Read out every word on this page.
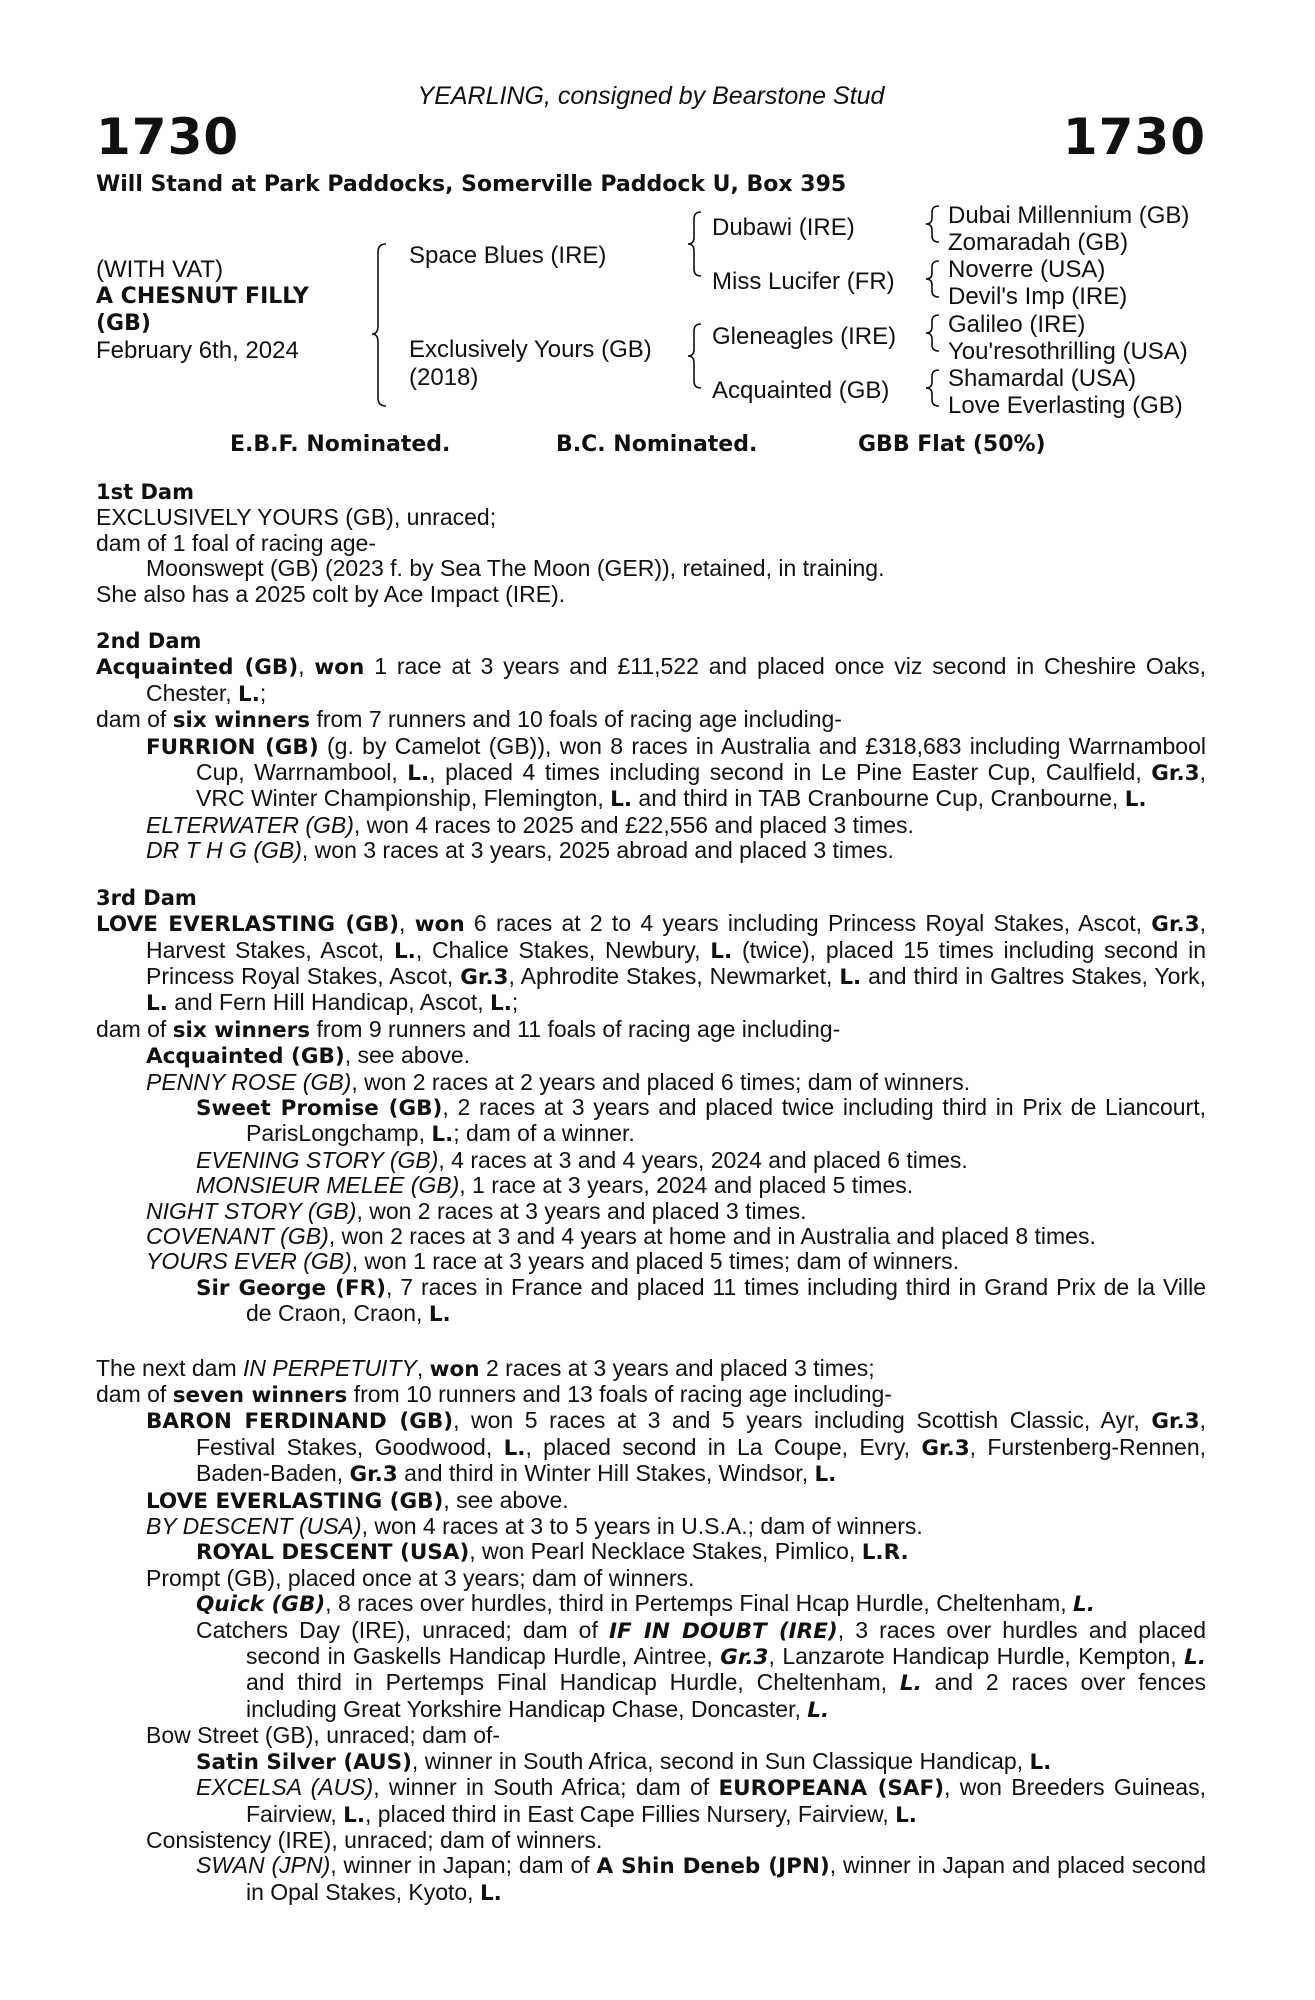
YEARLING, consigned by Bearstone Stud
1730	1730
Will Stand at Park Paddocks, Somerville Paddock U, Box 395
(WITH VAT)
A CHESNUT FILLY
(GB)
February 6th, 2024
Space Blues (IRE)
Exclusively Yours (GB)
(2018)
Dubawi (IRE)
Miss Lucifer (FR)
Gleneagles (IRE)
Acquainted (GB)
Dubai Millennium (GB)
Zomaradah (GB)
Noverre (USA)
Devil's Imp (IRE)
Galileo (IRE)
You'resothrilling (USA)
Shamardal (USA)
Love Everlasting (GB)
E.B.F. Nominated.	B.C. Nominated.	GBB Flat (50%)
1st Dam
EXCLUSIVELY YOURS (GB), unraced;
dam of 1 foal of racing age-
Moonswept (GB) (2023 f. by Sea The Moon (GER)), retained, in training.
She also has a 2025 colt by Ace Impact (IRE).
2nd Dam
Acquainted (GB), won 1 race at 3 years and £11,522 and placed once viz second in Cheshire Oaks, Chester, L.;
dam of six winners from 7 runners and 10 foals of racing age including-
FURRION (GB) (g. by Camelot (GB)), won 8 races in Australia and £318,683 including Warrnambool Cup, Warrnambool, L., placed 4 times including second in Le Pine Easter Cup, Caulfield, Gr.3, VRC Winter Championship, Flemington, L. and third in TAB Cranbourne Cup, Cranbourne, L.
ELTERWATER (GB), won 4 races to 2025 and £22,556 and placed 3 times.
DR T H G (GB), won 3 races at 3 years, 2025 abroad and placed 3 times.
3rd Dam
LOVE EVERLASTING (GB), won 6 races at 2 to 4 years including Princess Royal Stakes, Ascot, Gr.3, Harvest Stakes, Ascot, L., Chalice Stakes, Newbury, L. (twice), placed 15 times including second in Princess Royal Stakes, Ascot, Gr.3, Aphrodite Stakes, Newmarket, L. and third in Galtres Stakes, York, L. and Fern Hill Handicap, Ascot, L.;
dam of six winners from 9 runners and 11 foals of racing age including-
Acquainted (GB), see above.
PENNY ROSE (GB), won 2 races at 2 years and placed 6 times; dam of winners.
Sweet Promise (GB), 2 races at 3 years and placed twice including third in Prix de Liancourt, ParisLongchamp, L.; dam of a winner.
EVENING STORY (GB), 4 races at 3 and 4 years, 2024 and placed 6 times.
MONSIEUR MELEE (GB), 1 race at 3 years, 2024 and placed 5 times.
NIGHT STORY (GB), won 2 races at 3 years and placed 3 times.
COVENANT (GB), won 2 races at 3 and 4 years at home and in Australia and placed 8 times.
YOURS EVER (GB), won 1 race at 3 years and placed 5 times; dam of winners.
Sir George (FR), 7 races in France and placed 11 times including third in Grand Prix de la Ville de Craon, Craon, L.
The next dam IN PERPETUITY, won 2 races at 3 years and placed 3 times;
dam of seven winners from 10 runners and 13 foals of racing age including-
BARON FERDINAND (GB), won 5 races at 3 and 5 years including Scottish Classic, Ayr, Gr.3, Festival Stakes, Goodwood, L., placed second in La Coupe, Evry, Gr.3, Furstenberg-Rennen, Baden-Baden, Gr.3 and third in Winter Hill Stakes, Windsor, L.
LOVE EVERLASTING (GB), see above.
BY DESCENT (USA), won 4 races at 3 to 5 years in U.S.A.; dam of winners.
ROYAL DESCENT (USA), won Pearl Necklace Stakes, Pimlico, L.R.
Prompt (GB), placed once at 3 years; dam of winners.
Quick (GB), 8 races over hurdles, third in Pertemps Final Hcap Hurdle, Cheltenham, L.
Catchers Day (IRE), unraced; dam of IF IN DOUBT (IRE), 3 races over hurdles and placed second in Gaskells Handicap Hurdle, Aintree, Gr.3, Lanzarote Handicap Hurdle, Kempton, L. and third in Pertemps Final Handicap Hurdle, Cheltenham, L. and 2 races over fences including Great Yorkshire Handicap Chase, Doncaster, L.
Bow Street (GB), unraced; dam of-
Satin Silver (AUS), winner in South Africa, second in Sun Classique Handicap, L.
EXCELSA (AUS), winner in South Africa; dam of EUROPEANA (SAF), won Breeders Guineas, Fairview, L., placed third in East Cape Fillies Nursery, Fairview, L.
Consistency (IRE), unraced; dam of winners.
SWAN (JPN), winner in Japan; dam of A Shin Deneb (JPN), winner in Japan and placed second in Opal Stakes, Kyoto, L.
